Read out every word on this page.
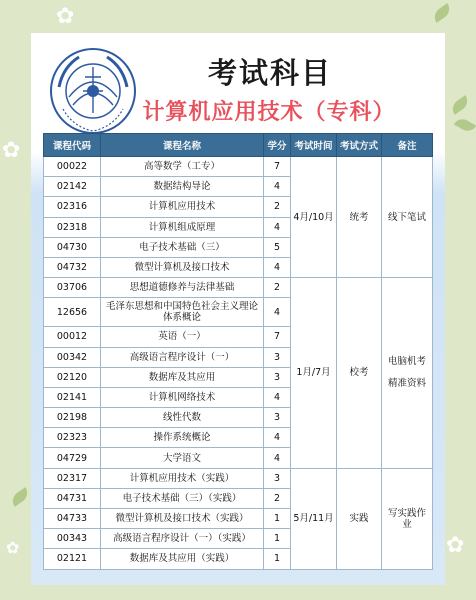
✿
✿
✿
✿
考试科目
计算机应用技术（专科）
课程代码	课程名称	学分	考试时间	考试方式	备注
00022	高等数学（工专）	7	4月/10月	统考	线下笔试
02142	数据结构导论	4			
02316	计算机应用技术	2			
02318	计算机组成原理	4			
04730	电子技术基础（三）	5			
04732	微型计算机及接口技术	4			
03706	思想道德修养与法律基础	2	1月/7月	校考	电脑机考

精准资料
12656	毛泽东思想和中国特色社会主义理论体系概论	4			
00012	英语（一）	7			
00342	高级语言程序设计（一）	3			
02120	数据库及其应用	3			
02141	计算机网络技术	4			
02198	线性代数	3			
02323	操作系统概论	4			
04729	大学语文	4			
02317	计算机应用技术（实践）	3	5月/11月	实践	写实践作业
04731	电子技术基础（三）（实践）	2			
04733	微型计算机及接口技术（实践）	1			
00343	高级语言程序设计（一）（实践）	1			
02121	数据库及其应用（实践）	1			
